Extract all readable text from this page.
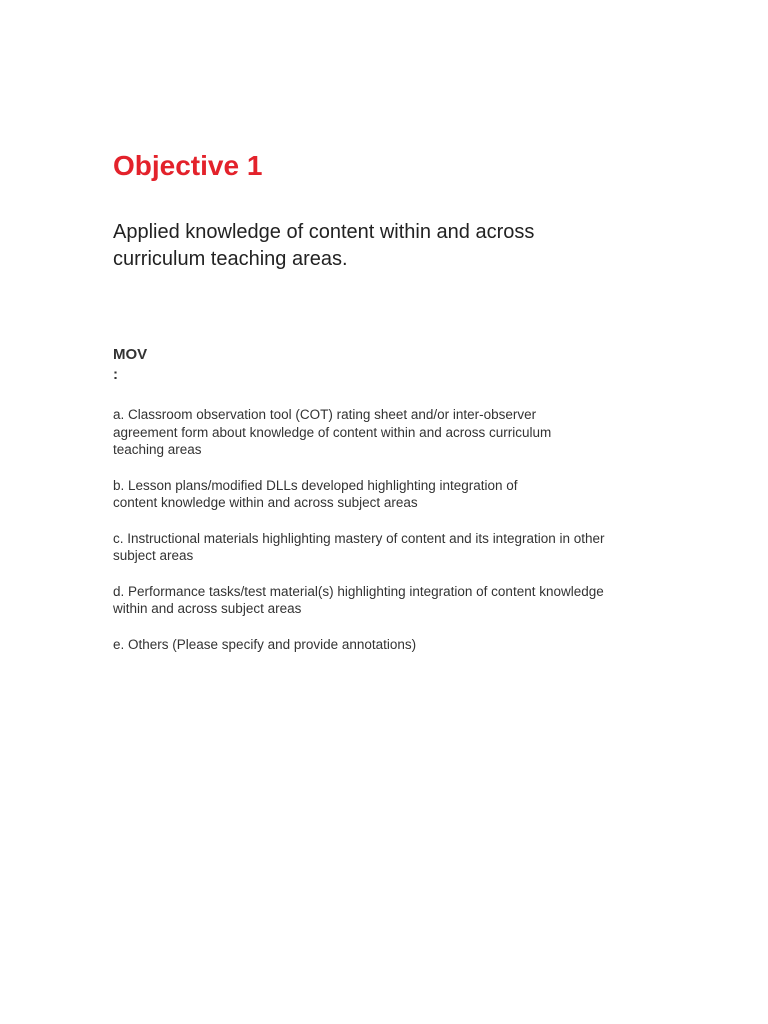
Objective 1

Applied knowledge of content within and across
curriculum teaching areas.

MOV
:
a. Classroom observation tool (COT) rating sheet and/or inter-observer
agreement form about knowledge of content within and across curriculum
teaching areas
b. Lesson plans/modified DLLs developed highlighting integration of
content knowledge within and across subject areas
c. Instructional materials highlighting mastery of content and its integration in other
subject areas
d. Performance tasks/test material(s) highlighting integration of content knowledge
within and across subject areas
e. Others (Please specify and provide annotations)
